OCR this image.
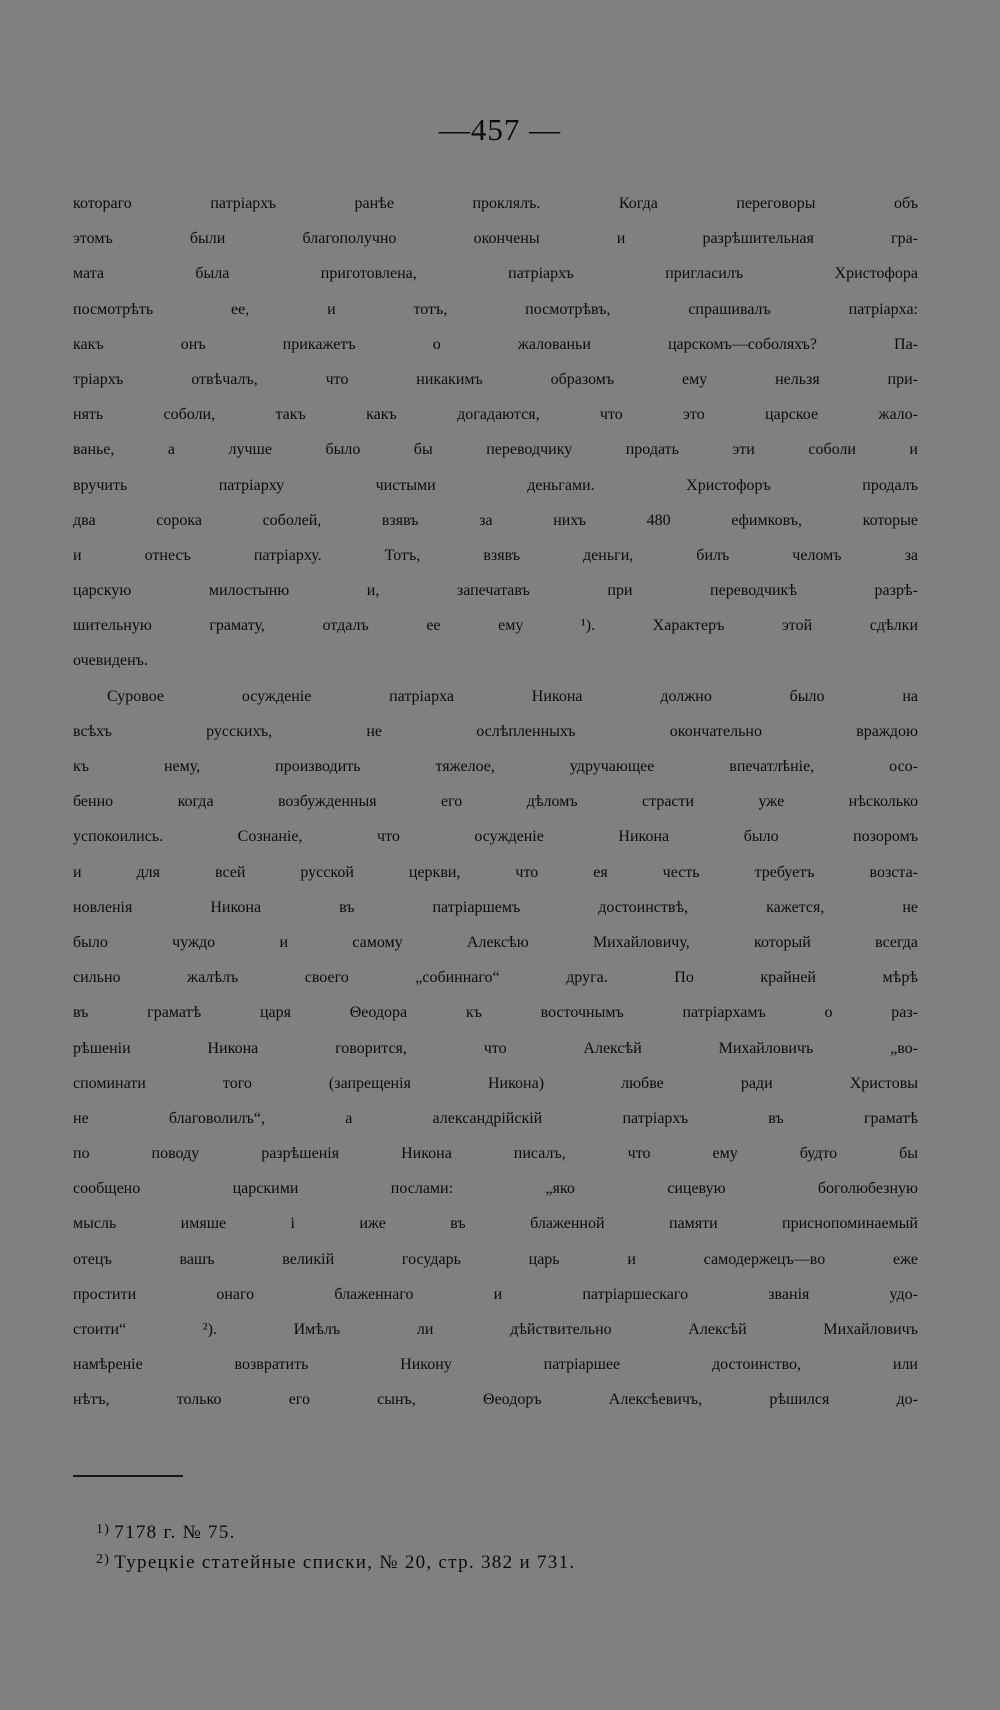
—457 —
котораго патріархъ ранѣе проклялъ. Когда переговоры объ
этомъ были благополучно окончены и разрѣшительная гра-
мата была приготовлена, патріархъ пригласилъ Христофора
посмотрѣть ее, и тотъ, посмотрѣвъ, спрашивалъ патріарха:
какъ онъ прикажетъ о жалованьи царскомъ—соболяхъ? Па-
тріархъ отвѣчалъ, что никакимъ образомъ ему нельзя при-
нять соболи, такъ какъ догадаются, что это царское жало-
ванье, а лучше было бы переводчику продать эти соболи и
вручить патріарху чистыми деньгами. Христофоръ продалъ
два сорока соболей, взявъ за нихъ 480 ефимковъ, которые
и отнесъ патріарху. Тотъ, взявъ деньги, билъ челомъ за
царскую милостыню и, запечатавъ при переводчикѣ разрѣ-
шительную грамату, отдалъ ее ему ¹). Характеръ этой сдѣлки
очевиденъ.
Суровое осужденіе патріарха Никона должно было на
всѣхъ русскихъ, не ослѣпленныхъ окончательно враждою
къ нему, производить тяжелое, удручающее впечатлѣніе, осо-
бенно когда возбужденныя его дѣломъ страсти уже нѣсколько
успокоились. Сознаніе, что осужденіе Никона было позоромъ
и для всей русской церкви, что ея честь требуетъ возста-
новленія Никона въ патріаршемъ достоинствѣ, кажется, не
было чуждо и самому Алексѣю Михайловичу, который всегда
сильно жалѣлъ своего „собиннаго“ друга. По крайней мѣрѣ
въ граматѣ царя Θеодора къ восточнымъ патріархамъ о раз-
рѣшеніи Никона говорится, что Алексѣй Михайловичъ „во-
споминати того (запрещенія Никона) любве ради Христовы
не благоволилъ“, а александрійскій патріархъ въ граматѣ
по поводу разрѣшенія Никона писалъ, что ему будто бы
сообщено царскими послами: „яко сицевую боголюбезную
мысль имяше і иже въ блаженной памяти приснопоминаемый
отецъ вашъ великій государь царь и самодержецъ—во еже
простити онаго блаженнаго и патріаршескаго званія удо-
стоити“ ²). Имѣлъ ли дѣйствительно Алексѣй Михайловичъ
намѣреніе возвратить Никону патріаршее достоинство, или
нѣтъ, только его сынъ, Θеодоръ Алексѣевичъ, рѣшился до-
$^{1)}$ 7178 г. № 75.
$^{2)}$ Турецкіе статейные списки, № 20, стр. 382 и 731.
